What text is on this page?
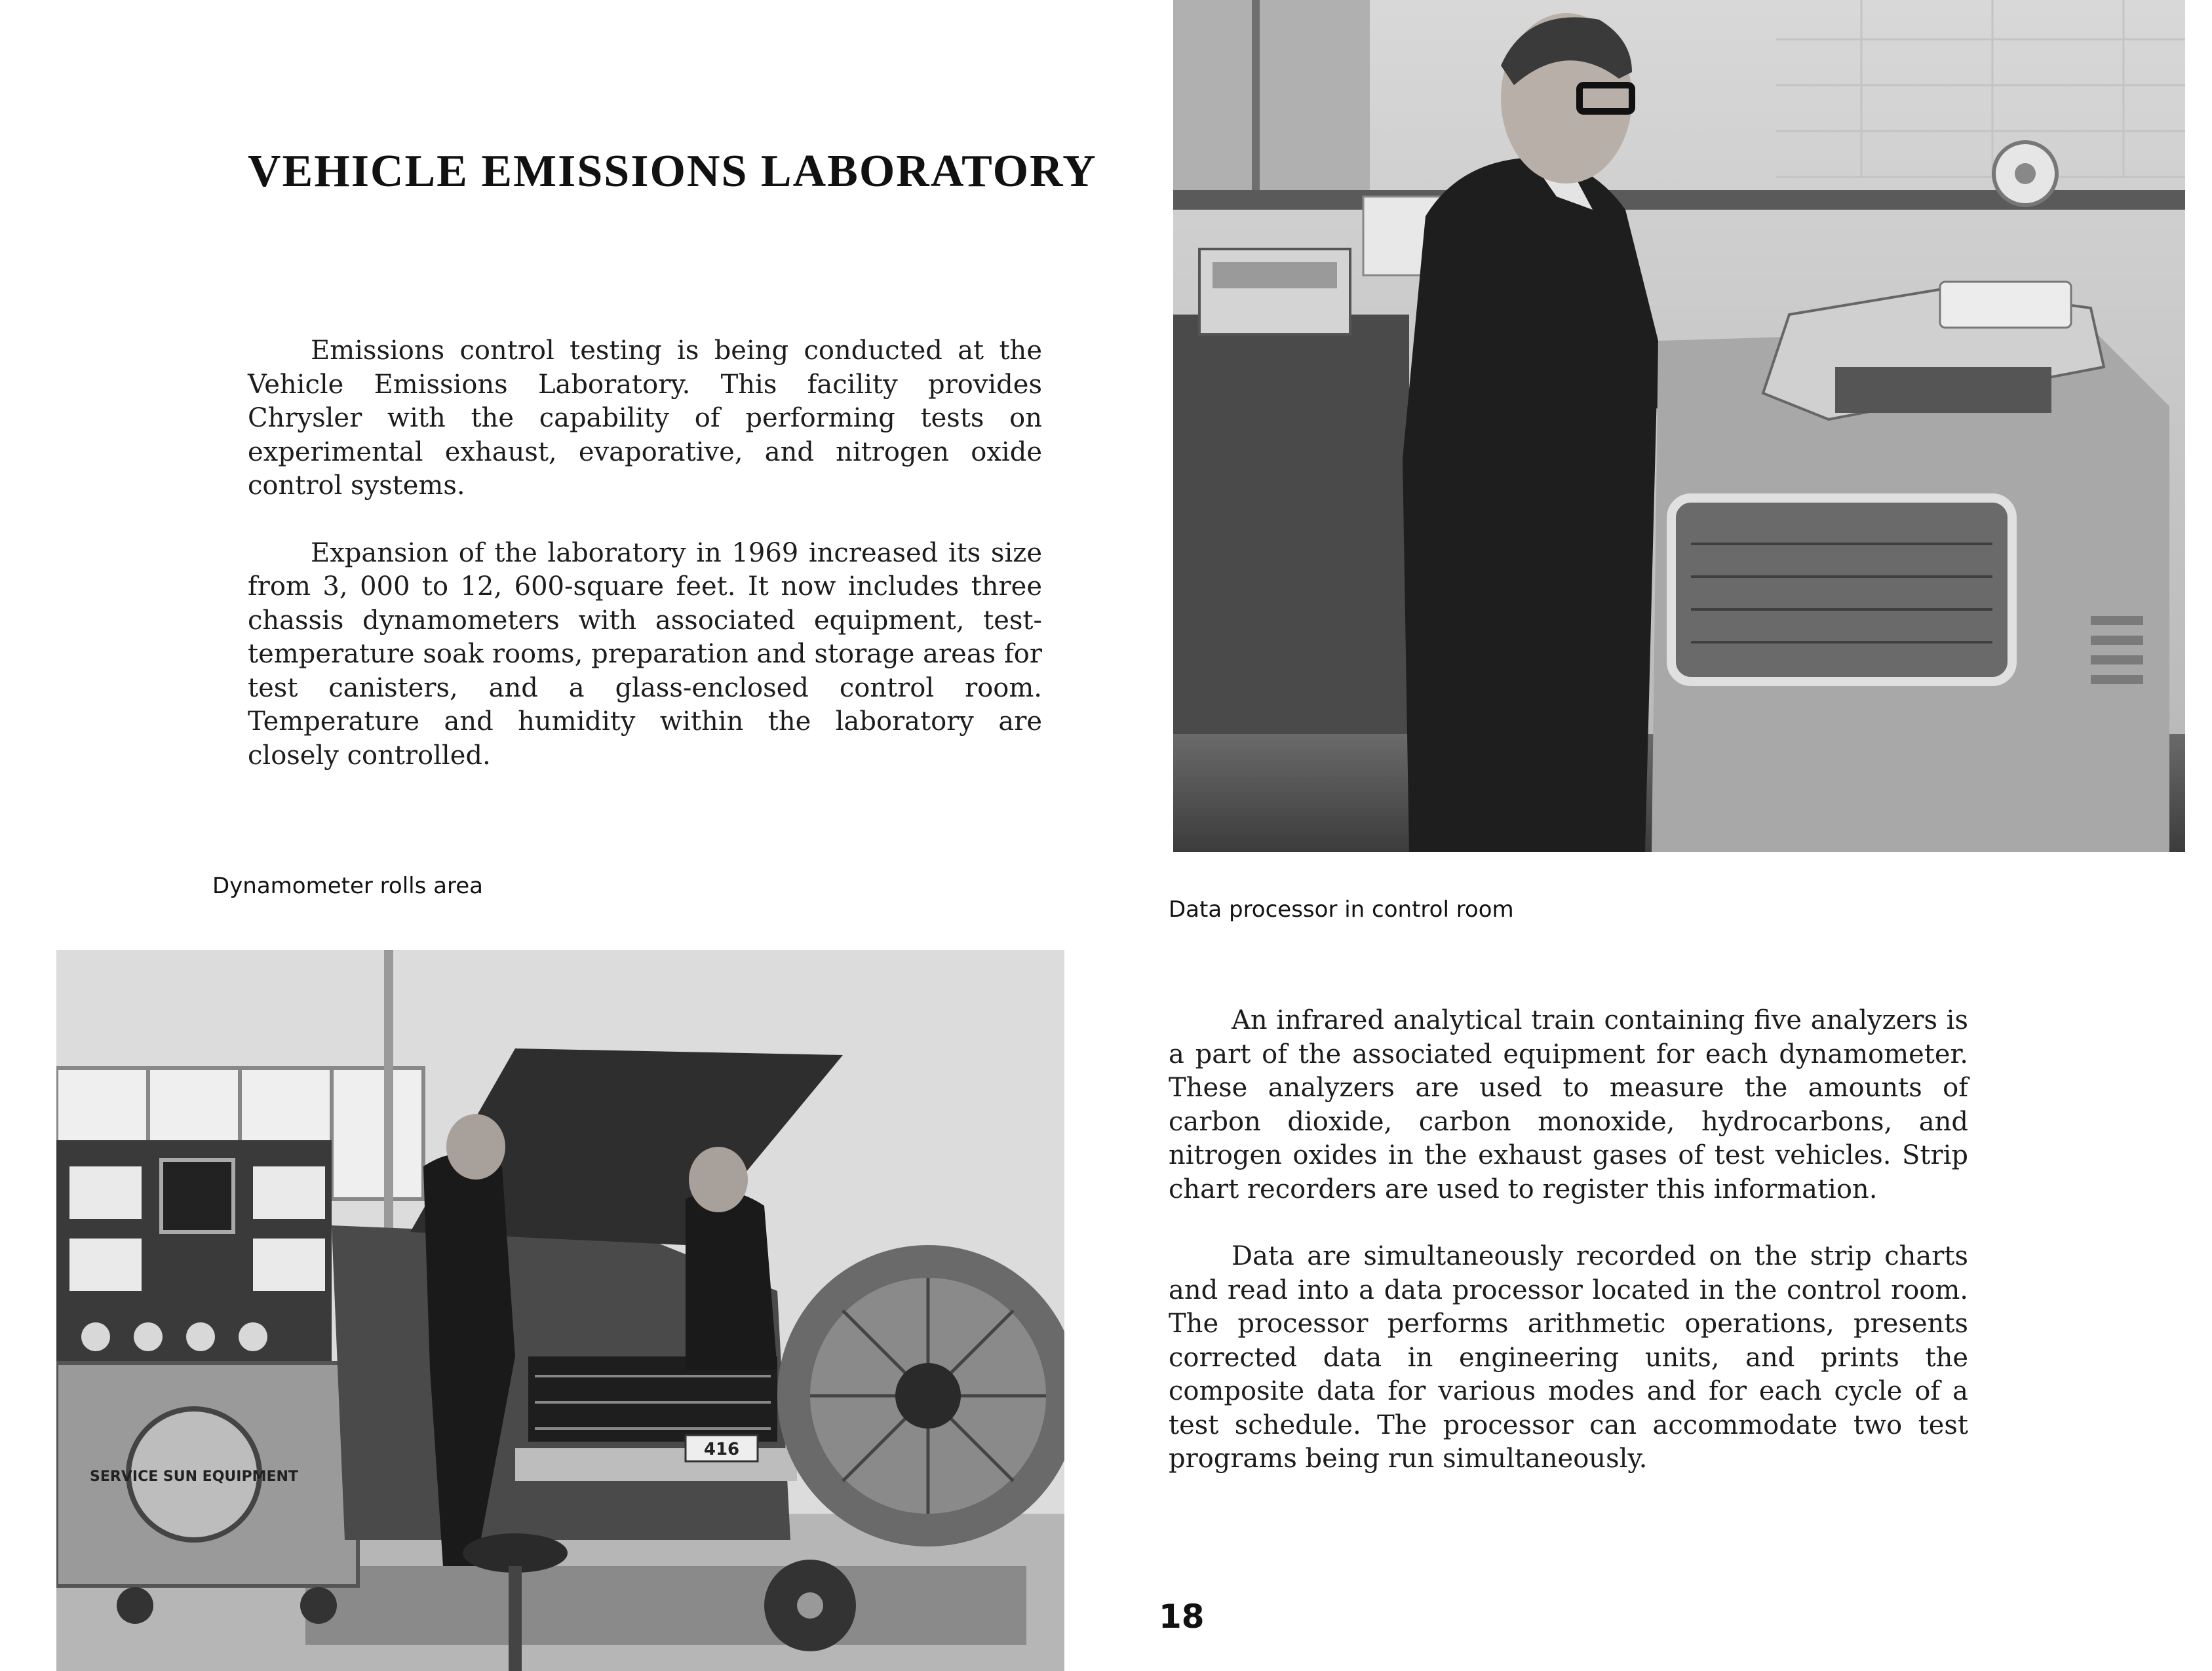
VEHICLE EMISSIONS LABORATORY

Emissions control testing is being conducted at the Vehicle Emissions Laboratory. This facility provides Chrysler with the capability of performing tests on experimental exhaust, evaporative, and nitrogen oxide control systems.

Expansion of the laboratory in 1969 increased its size from 3, 000 to 12, 600-square feet. It now includes three chassis dynamometers with associated equipment, test-temperature soak rooms, preparation and storage areas for test canisters, and a glass-enclosed control room. Temperature and humidity within the laboratory are closely controlled.

Dynamometer rolls area
Data processor in control room
SERVICE SUN EQUIPMENT
416

An infrared analytical train containing five analyzers is a part of the associated equipment for each dynamometer. These analyzers are used to measure the amounts of carbon dioxide, carbon monoxide, hydrocarbons, and nitrogen oxides in the exhaust gases of test vehicles. Strip chart recorders are used to register this information.

Data are simultaneously recorded on the strip charts and read into a data processor located in the control room. The processor performs arithmetic operations, presents corrected data in engineering units, and prints the composite data for various modes and for each cycle of a test schedule. The processor can accommodate two test programs being run simultaneously.

18
